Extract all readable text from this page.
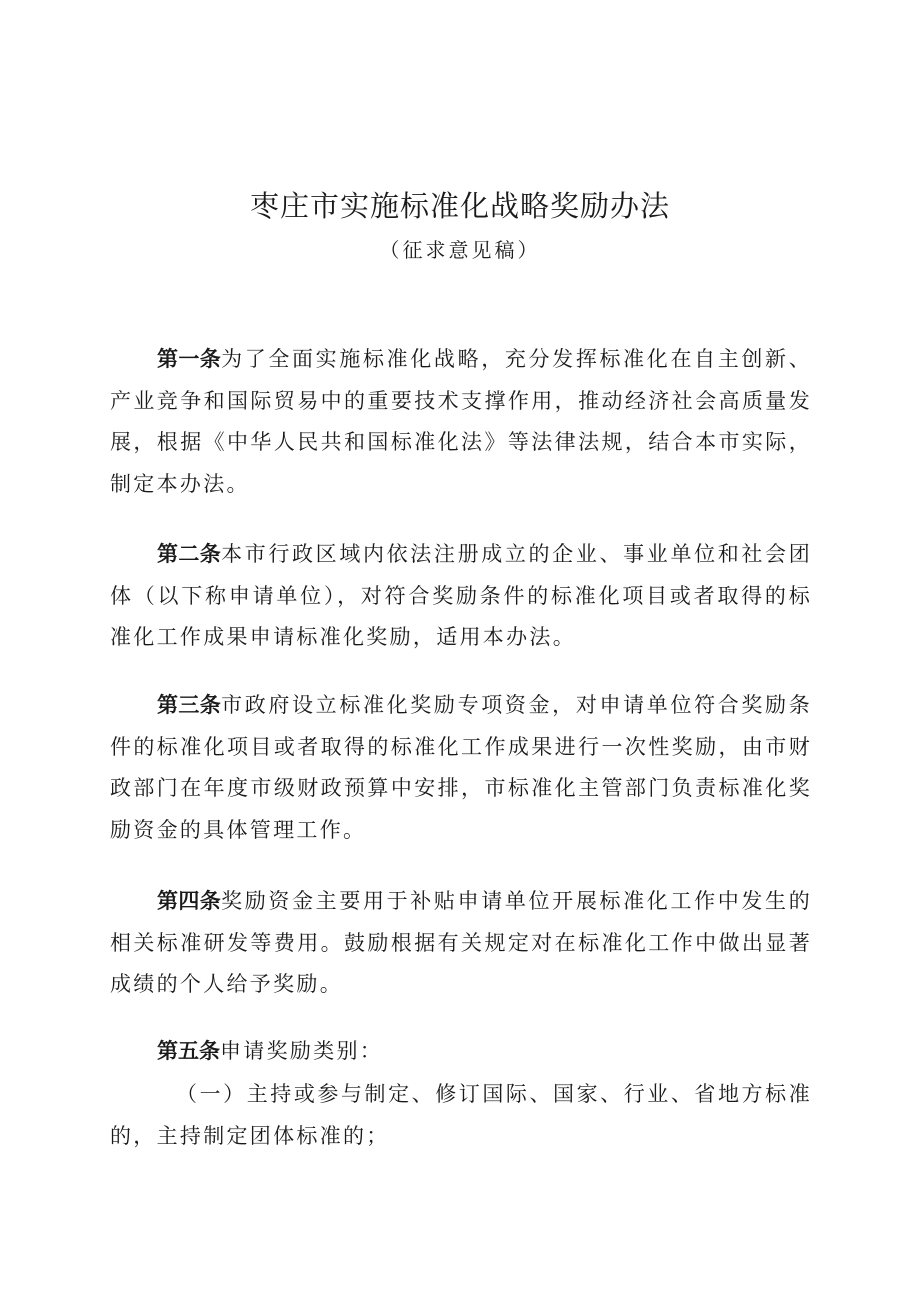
枣庄市实施标准化战略奖励办法
（征求意见稿）

第一条为了全面实施标准化战略，充分发挥标准化在自主创新、产业竞争和国际贸易中的重要技术支撑作用，推动经济社会高质量发展，根据《中华人民共和国标准化法》等法律法规，结合本市实际，制定本办法。

第二条本市行政区域内依法注册成立的企业、事业单位和社会团体（以下称申请单位），对符合奖励条件的标准化项目或者取得的标准化工作成果申请标准化奖励，适用本办法。

第三条市政府设立标准化奖励专项资金，对申请单位符合奖励条件的标准化项目或者取得的标准化工作成果进行一次性奖励，由市财政部门在年度市级财政预算中安排，市标准化主管部门负责标准化奖励资金的具体管理工作。

第四条奖励资金主要用于补贴申请单位开展标准化工作中发生的相关标准研发等费用。鼓励根据有关规定对在标准化工作中做出显著成绩的个人给予奖励。

第五条申请奖励类别：

（一）主持或参与制定、修订国际、国家、行业、省地方标准的，主持制定团体标准的；
